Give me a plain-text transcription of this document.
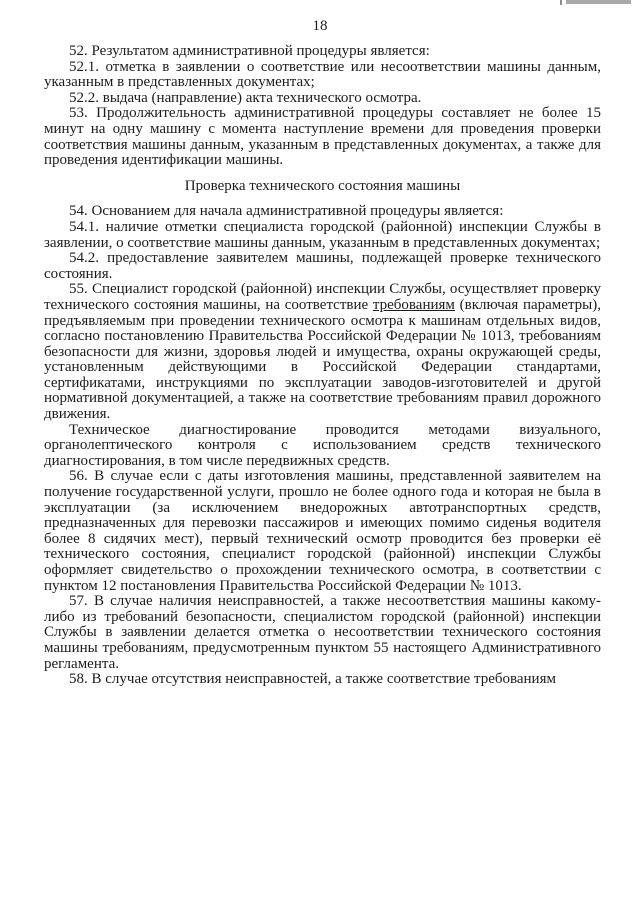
18

52. Результатом административной процедуры является:

52.1. отметка в заявлении о соответствие или несоответствии машины данным, указанным в представленных документах;

52.2. выдача (направление) акта технического осмотра.

53. Продолжительность административной процедуры составляет не более 15 минут на одну машину с момента наступление времени для проведения проверки соответствия машины данным, указанным в представленных документах, а также для проведения идентификации машины.

Проверка технического состояния машины

54. Основанием для начала административной процедуры является:

54.1. наличие отметки специалиста городской (районной) инспекции Службы в заявлении, о соответствие машины данным, указанным в представленных документах;

54.2. предоставление заявителем машины, подлежащей проверке технического состояния.

55. Специалист городской (районной) инспекции Службы, осуществляет проверку технического состояния машины, на соответствие требованиям (включая параметры), предъявляемым при проведении технического осмотра к машинам отдельных видов, согласно постановлению Правительства Российской Федерации № 1013, требованиям безопасности для жизни, здоровья людей и имущества, охраны окружающей среды, установленным действующими в Российской Федерации стандартами, сертификатами, инструкциями по эксплуатации заводов-изготовителей и другой нормативной документацией, а также на соответствие требованиям правил дорожного движения.

Техническое диагностирование проводится методами визуального, органолептического контроля с использованием средств технического диагностирования, в том числе передвижных средств.

56. В случае если с даты изготовления машины, представленной заявителем на получение государственной услуги, прошло не более одного года и которая не была в эксплуатации (за исключением внедорожных автотранспортных средств, предназначенных для перевозки пассажиров и имеющих помимо сиденья водителя более 8 сидячих мест), первый технический осмотр проводится без проверки её технического состояния, специалист городской (районной) инспекции Службы оформляет свидетельство о прохождении технического осмотра, в соответствии с пунктом 12 постановления Правительства Российской Федерации № 1013.

57. В случае наличия неисправностей, а также несоответствия машины какому-либо из требований безопасности, специалистом городской (районной) инспекции Службы в заявлении делается отметка о несоответствии технического состояния машины требованиям, предусмотренным пунктом 55 настоящего Административного регламента.

58. В случае отсутствия неисправностей, а также соответствие требованиям
